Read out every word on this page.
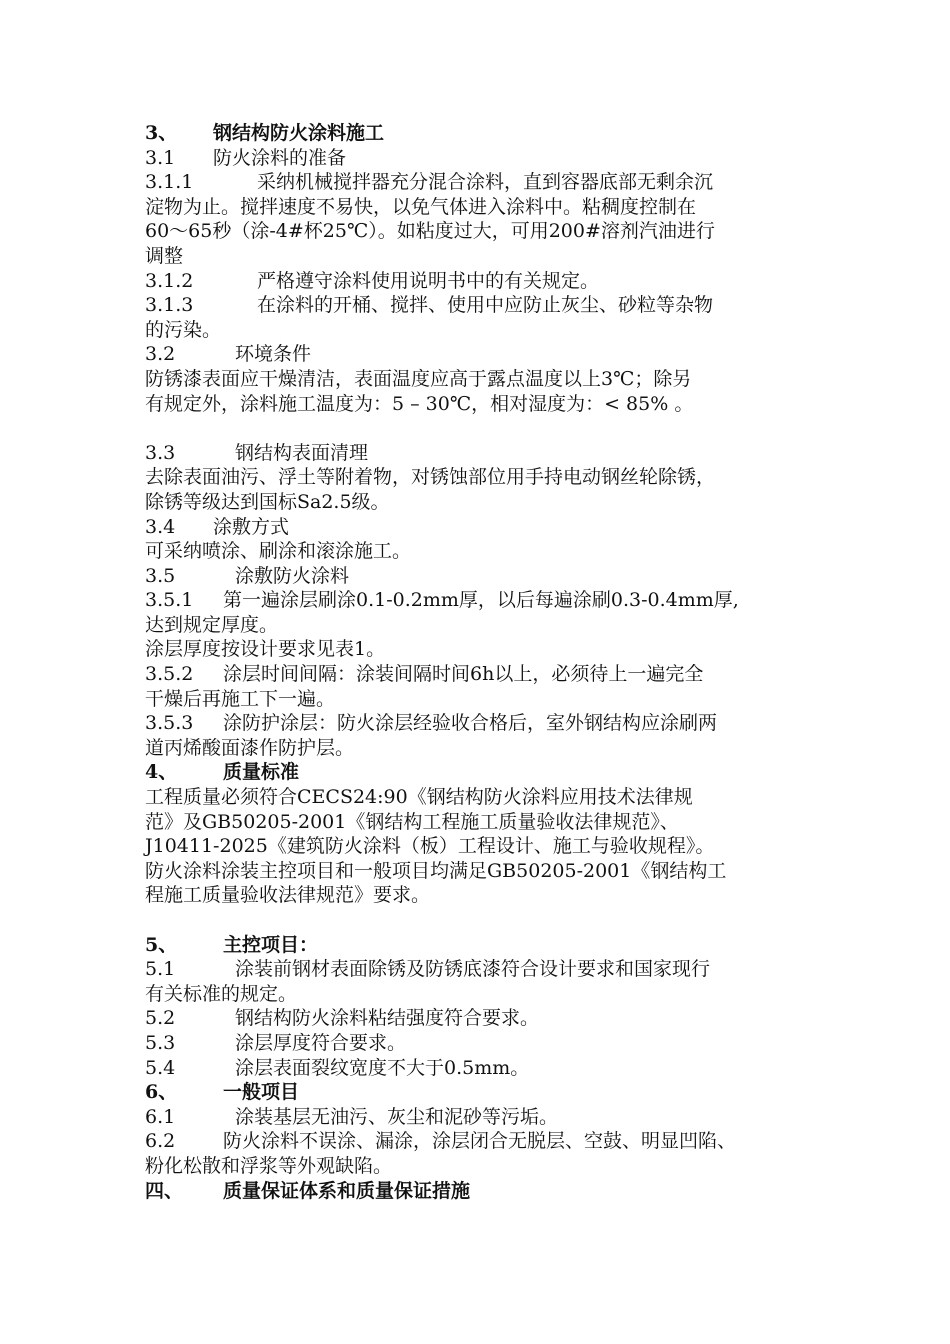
3、 钢结构防火涂料施工
3.1 防火涂料的准备
3.1.1	采纳机械搅拌器充分混合涂料，直到容器底部无剩余沉
淀物为止。搅拌速度不易快，以免气体进入涂料中。粘稠度控制在
60～65秒（涂-4#杯25℃）。如粘度过大，可用200#溶剂汽油进行
调整
3.1.2	严格遵守涂料使用说明书中的有关规定。
3.1.3	在涂料的开桶、搅拌、使用中应防止灰尘、砂粒等杂物
的污染。
3.2	环境条件
防锈漆表面应干燥清洁，表面温度应高于露点温度以上3℃；除另
有规定外，涂料施工温度为：5 – 30℃，相对湿度为：< 85% 。
3.3	钢结构表面清理
去除表面油污、浮土等附着物，对锈蚀部位用手持电动钢丝轮除锈，
除锈等级达到国标Sa2.5级。
3.4 涂敷方式
可采纳喷涂、刷涂和滚涂施工。
3.5	涂敷防火涂料
3.5.1 第一遍涂层刷涂0.1-0.2mm厚，以后每遍涂刷0.3-0.4mm厚,
达到规定厚度。
涂层厚度按设计要求见表1。
3.5.2 涂层时间间隔：涂装间隔时间6h以上，必须待上一遍完全
干燥后再施工下一遍。
3.5.3 涂防护涂层：防火涂层经验收合格后，室外钢结构应涂刷两
道丙烯酸面漆作防护层。
4、 质量标准
工程质量必须符合CECS24:90《钢结构防火涂料应用技术法律规
范》及GB50205-2001《钢结构工程施工质量验收法律规范》、
J10411-2025《建筑防火涂料（板）工程设计、施工与验收规程》。
防火涂料涂装主控项目和一般项目均满足GB50205-2001《钢结构工
程施工质量验收法律规范》要求。
5、 主控项目：
5.1	涂装前钢材表面除锈及防锈底漆符合设计要求和国家现行
有关标准的规定。
5.2	钢结构防火涂料粘结强度符合要求。
5.3	涂层厚度符合要求。
5.4	涂层表面裂纹宽度不大于0.5mm。
6、 一般项目
6.1	涂装基层无油污、灰尘和泥砂等污垢。
6.2	防火涂料不误涂、漏涂，涂层闭合无脱层、空鼓、明显凹陷、
粉化松散和浮浆等外观缺陷。
四、 质量保证体系和质量保证措施
